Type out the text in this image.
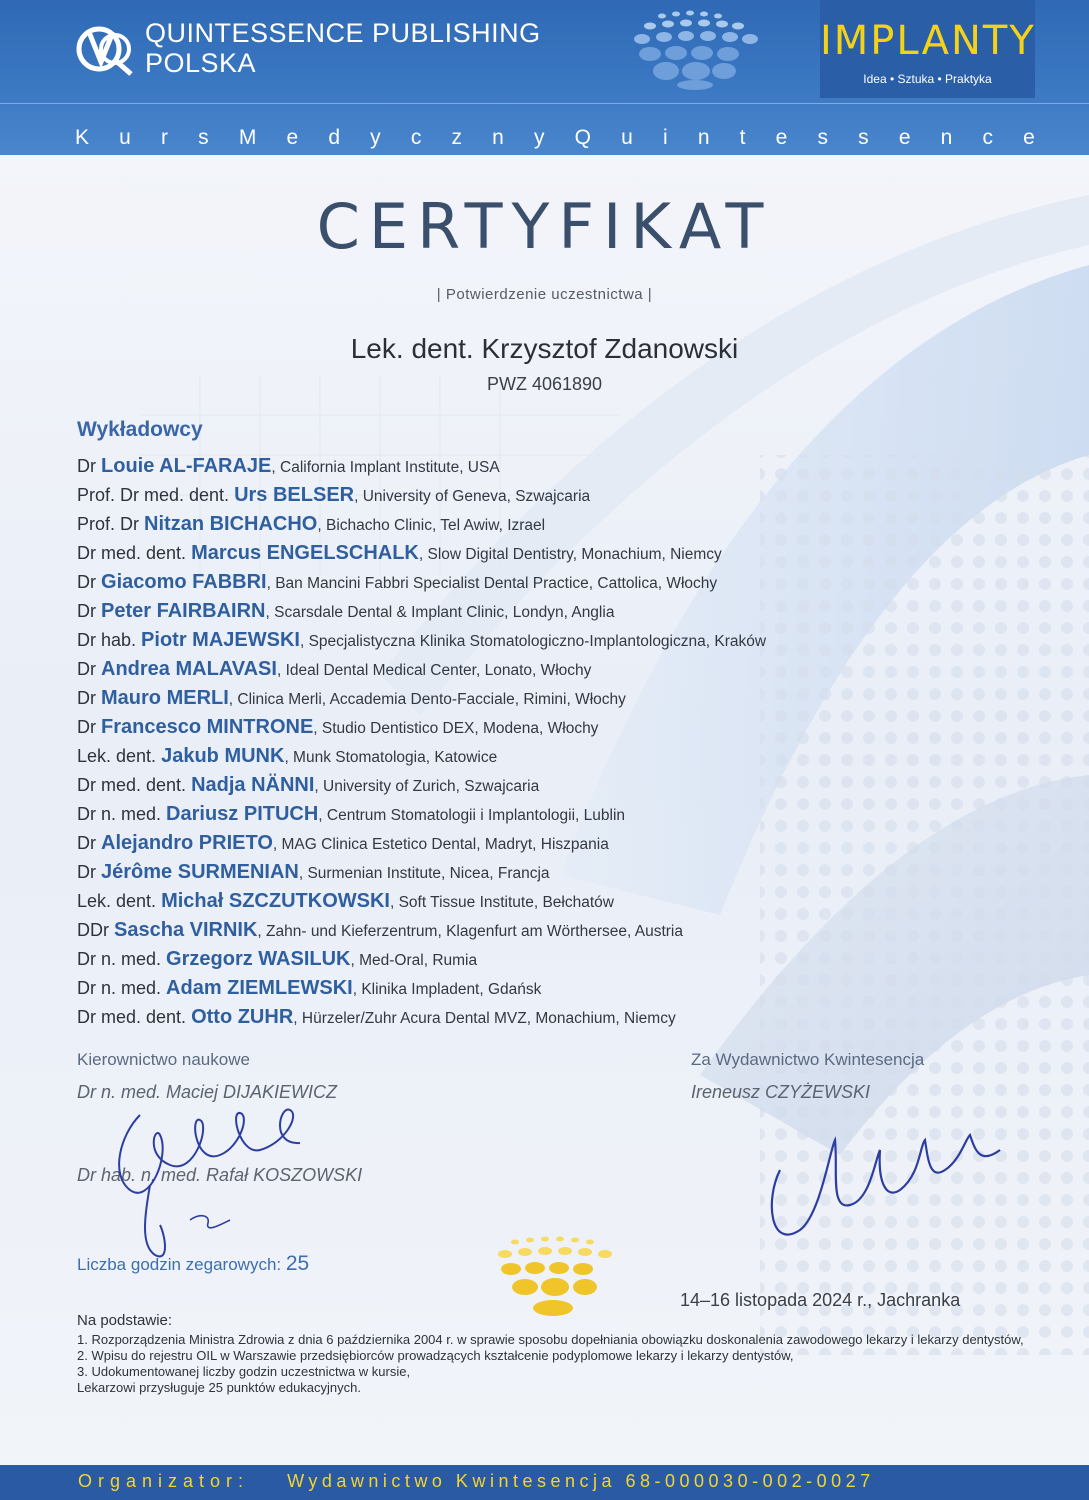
QUINTESSENCE PUBLISHING
POLSKA	IMPLANTY
Idea • Sztuka • Praktyka
K u r s M e d y c z n y Q u i n t e s s e n c e
CERTYFIKAT
| Potwierdzenie uczestnictwa |
Lek. dent. Krzysztof Zdanowski
PWZ 4061890
Wykładowcy
Dr Louie AL-FARAJE, California Implant Institute, USA
Prof. Dr med. dent. Urs BELSER, University of Geneva, Szwajcaria
Prof. Dr Nitzan BICHACHO, Bichacho Clinic, Tel Awiw, Izrael
Dr med. dent. Marcus ENGELSCHALK, Slow Digital Dentistry, Monachium, Niemcy
Dr Giacomo FABBRI, Ban Mancini Fabbri Specialist Dental Practice, Cattolica, Włochy
Dr Peter FAIRBAIRN, Scarsdale Dental & Implant Clinic, Londyn, Anglia
Dr hab. Piotr MAJEWSKI, Specjalistyczna Klinika Stomatologiczno-Implantologiczna, Kraków
Dr Andrea MALAVASI, Ideal Dental Medical Center, Lonato, Włochy
Dr Mauro MERLI, Clinica Merli, Accademia Dento-Facciale, Rimini, Włochy
Dr Francesco MINTRONE, Studio Dentistico DEX, Modena, Włochy
Lek. dent. Jakub MUNK, Munk Stomatologia, Katowice
Dr med. dent. Nadja NÄNNI, University of Zurich, Szwajcaria
Dr n. med. Dariusz PITUCH, Centrum Stomatologii i Implantologii, Lublin
Dr Alejandro PRIETO, MAG Clinica Estetico Dental, Madryt, Hiszpania
Dr Jérôme SURMENIAN, Surmenian Institute, Nicea, Francja
Lek. dent. Michał SZCZUTKOWSKI, Soft Tissue Institute, Bełchatów
DDr Sascha VIRNIK, Zahn- und Kieferzentrum, Klagenfurt am Wörthersee, Austria
Dr n. med. Grzegorz WASILUK, Med-Oral, Rumia
Dr n. med. Adam ZIEMLEWSKI, Klinika Impladent, Gdańsk
Dr med. dent. Otto ZUHR, Hürzeler/Zuhr Acura Dental MVZ, Monachium, Niemcy
Kierownictwo naukowe
Dr n. med. Maciej DIJAKIEWICZ
Dr hab. n. med. Rafał KOSZOWSKI
Za Wydawnictwo Kwintesencja
Ireneusz CZYŻEWSKI
Liczba godzin zegarowych: 25
14–16 listopada 2024 r., Jachranka
Na podstawie:
1. Rozporządzenia Ministra Zdrowia z dnia 6 października 2004 r. w sprawie sposobu dopełniania obowiązku doskonalenia zawodowego lekarzy i lekarzy dentystów,
2. Wpisu do rejestru OIL w Warszawie przedsiębiorców prowadzących kształcenie podyplomowe lekarzy i lekarzy dentystów,
3. Udokumentowanej liczby godzin uczestnictwa w kursie,
Lekarzowi przysługuje 25 punktów edukacyjnych.
Organizator: Wydawnictwo Kwintesencja 68-000030-002-0027
